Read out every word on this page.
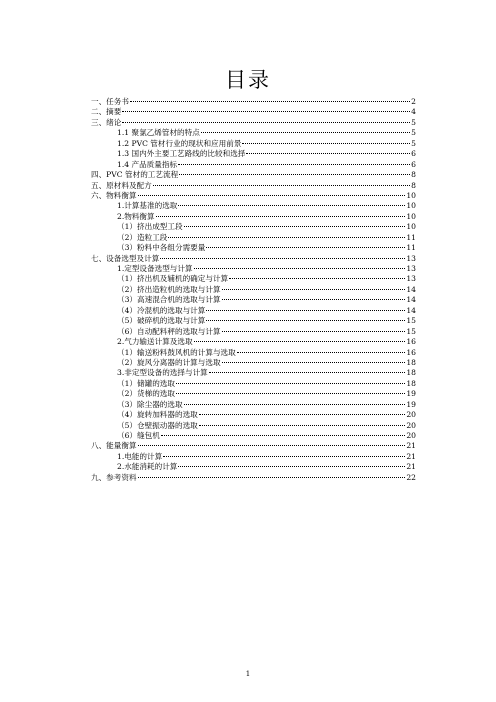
目录
一、任务书	2
二、摘要	4
三、绪论	5
1.1 聚氯乙烯管材的特点	5
1.2 PVC 管材行业的现状和应用前景	5
1.3 国内外主要工艺路线的比较和选择	6
1.4 产品质量指标	6
四、PVC 管材的工艺流程	8
五、原材料及配方	8
六、物料衡算	10
1.计算基准的选取	10
2.物料衡算	10
（1）挤出成型工段	10
（2）造粒工段	11
（3）粉料中各组分需要量	11
七、设备选型及计算	13
1.定型设备选型与计算	13
（1）挤出机及辅机的确定与计算	13
（2）挤出造粒机的选取与计算	14
（3）高速混合机的选取与计算	14
（4）冷混机的选取与计算	14
（5）破碎机的选取与计算	15
（6）自动配料秤的选取与计算	15
2.气力输送计算及选取	16
（1）输送粉料鼓风机的计算与选取	16
（2）旋风分离器的计算与选取	18
3.非定型设备的选择与计算	18
（1）储罐的选取	18
（2）货梯的选取	19
（3）除尘器的选取	19
（4）旋转加料器的选取	20
（5）仓壁振动器的选取	20
（6）缝包机	20
八、能量衡算	21
1.电能的计算	21
2.水能消耗的计算	21
九、参考资料	22
1
